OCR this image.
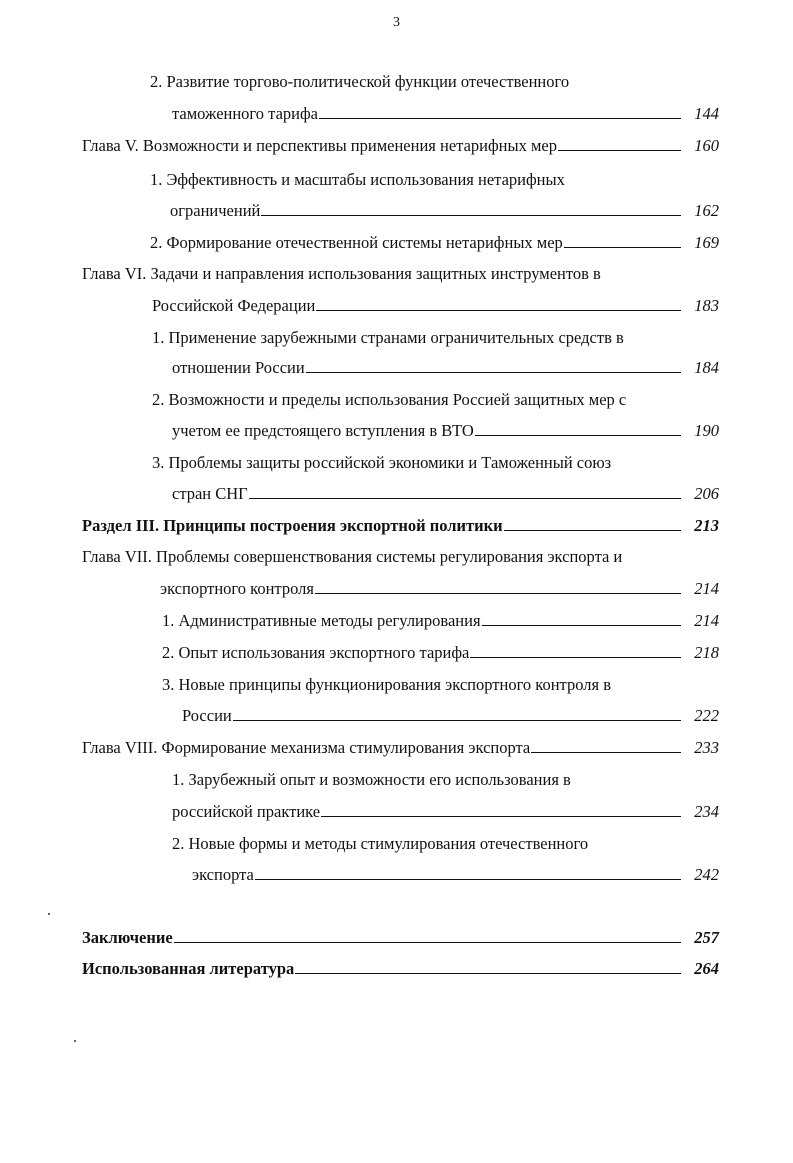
3
2. Развитие торгово-политической функции отечественного
таможенного тарифа	144
Глава V. Возможности и перспективы применения нетарифных мер	160
1. Эффективность и масштабы использования нетарифных
ограничений	162
2. Формирование отечественной системы нетарифных мер	169
Глава VI. Задачи и направления использования защитных инструментов в
Российской Федерации	183
1. Применение зарубежными странами ограничительных средств в
отношении России	184
2. Возможности и пределы использования Россией защитных мер с
учетом ее предстоящего вступления в ВТО	190
3. Проблемы защиты российской экономики и Таможенный союз
стран СНГ	206
Раздел III. Принципы построения экспортной политики	213
Глава VII. Проблемы совершенствования системы регулирования экспорта и
экспортного контроля	214
1. Административные методы регулирования	214
2. Опыт использования экспортного тарифа	218
3. Новые принципы функционирования экспортного контроля в
России	222
Глава VIII. Формирование механизма стимулирования экспорта	233
1. Зарубежный опыт и возможности его использования в
российской практике	234
2. Новые формы и методы стимулирования отечественного
экспорта	242
Заключение	257
Использованная литература	264
